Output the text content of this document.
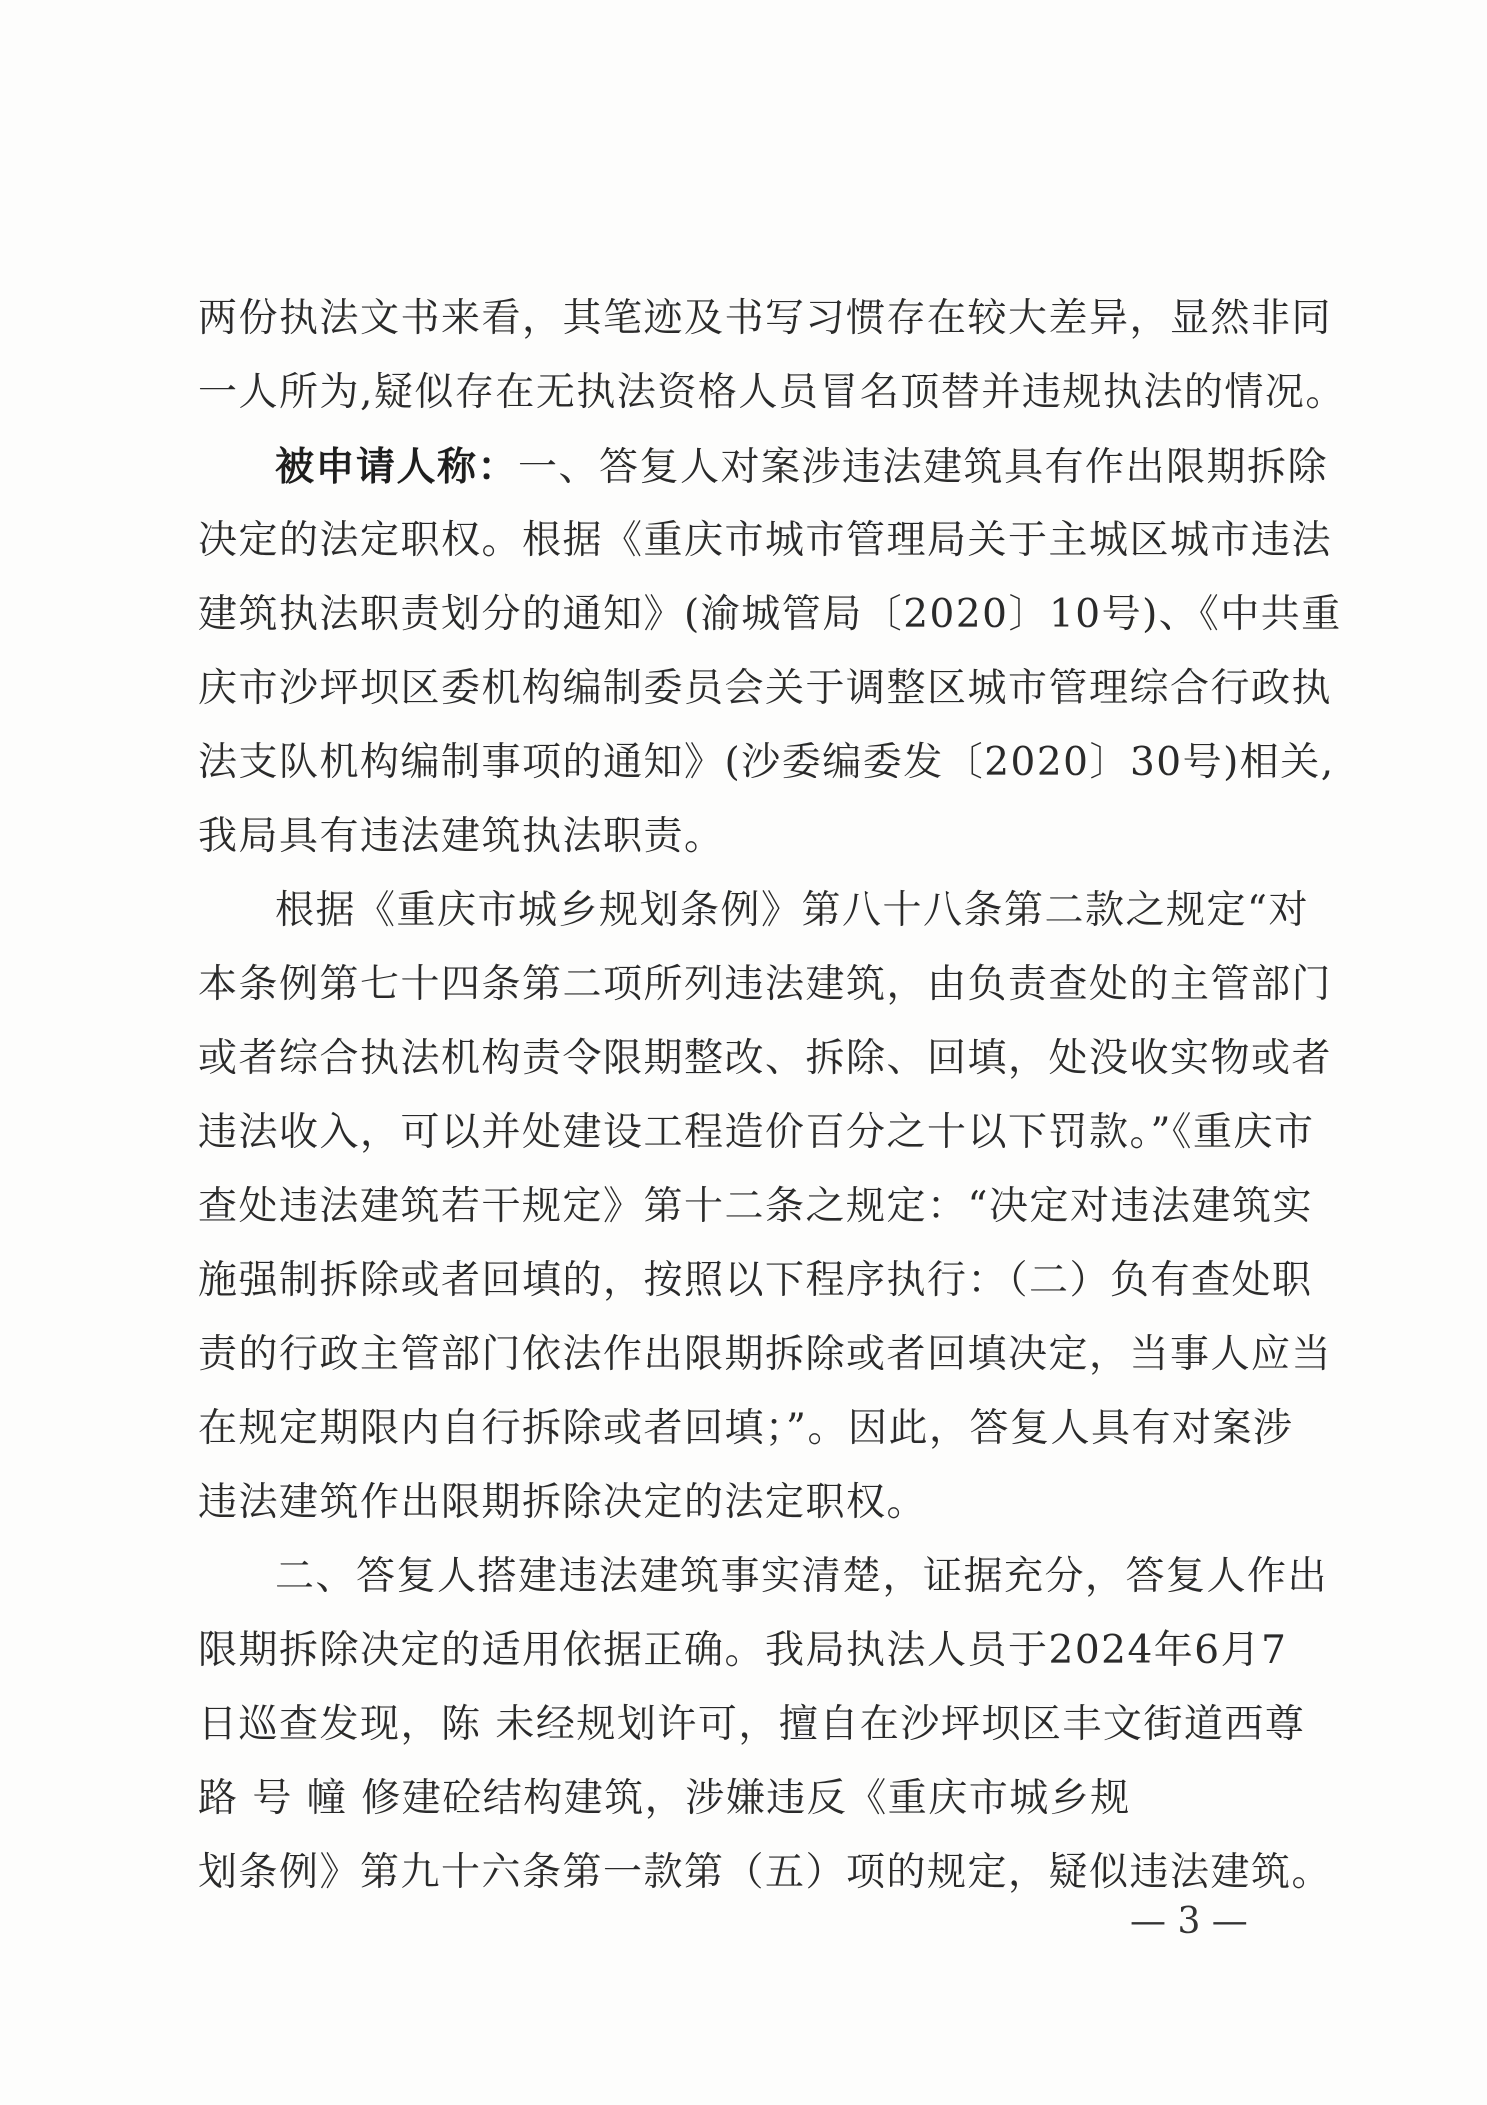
两份执法文书来看，其笔迹及书写习惯存在较大差异，显然非同
一人所为,疑似存在无执法资格人员冒名顶替并违规执法的情况。
被申请人称：一、答复人对案涉违法建筑具有作出限期拆除
决定的法定职权。根据《重庆市城市管理局关于主城区城市违法
建筑执法职责划分的通知》(渝城管局〔2020〕10号)、《中共重
庆市沙坪坝区委机构编制委员会关于调整区城市管理综合行政执
法支队机构编制事项的通知》(沙委编委发〔2020〕30号)相关,
我局具有违法建筑执法职责。
根据《重庆市城乡规划条例》第八十八条第二款之规定“对
本条例第七十四条第二项所列违法建筑，由负责查处的主管部门
或者综合执法机构责令限期整改、拆除、回填，处没收实物或者
违法收入，可以并处建设工程造价百分之十以下罚款。”《重庆市
查处违法建筑若干规定》第十二条之规定：“决定对违法建筑实
施强制拆除或者回填的，按照以下程序执行：（二）负有查处职
责的行政主管部门依法作出限期拆除或者回填决定，当事人应当
在规定期限内自行拆除或者回填；”。因此，答复人具有对案涉
违法建筑作出限期拆除决定的法定职权。
二、答复人搭建违法建筑事实清楚，证据充分，答复人作出
限期拆除决定的适用依据正确。我局执法人员于2024年6月7
日巡查发现，陈 未经规划许可，擅自在沙坪坝区丰文街道西尊
路 号 幢 修建砼结构建筑，涉嫌违反《重庆市城乡规
划条例》第九十六条第一款第（五）项的规定，疑似违法建筑。
— 3 —
